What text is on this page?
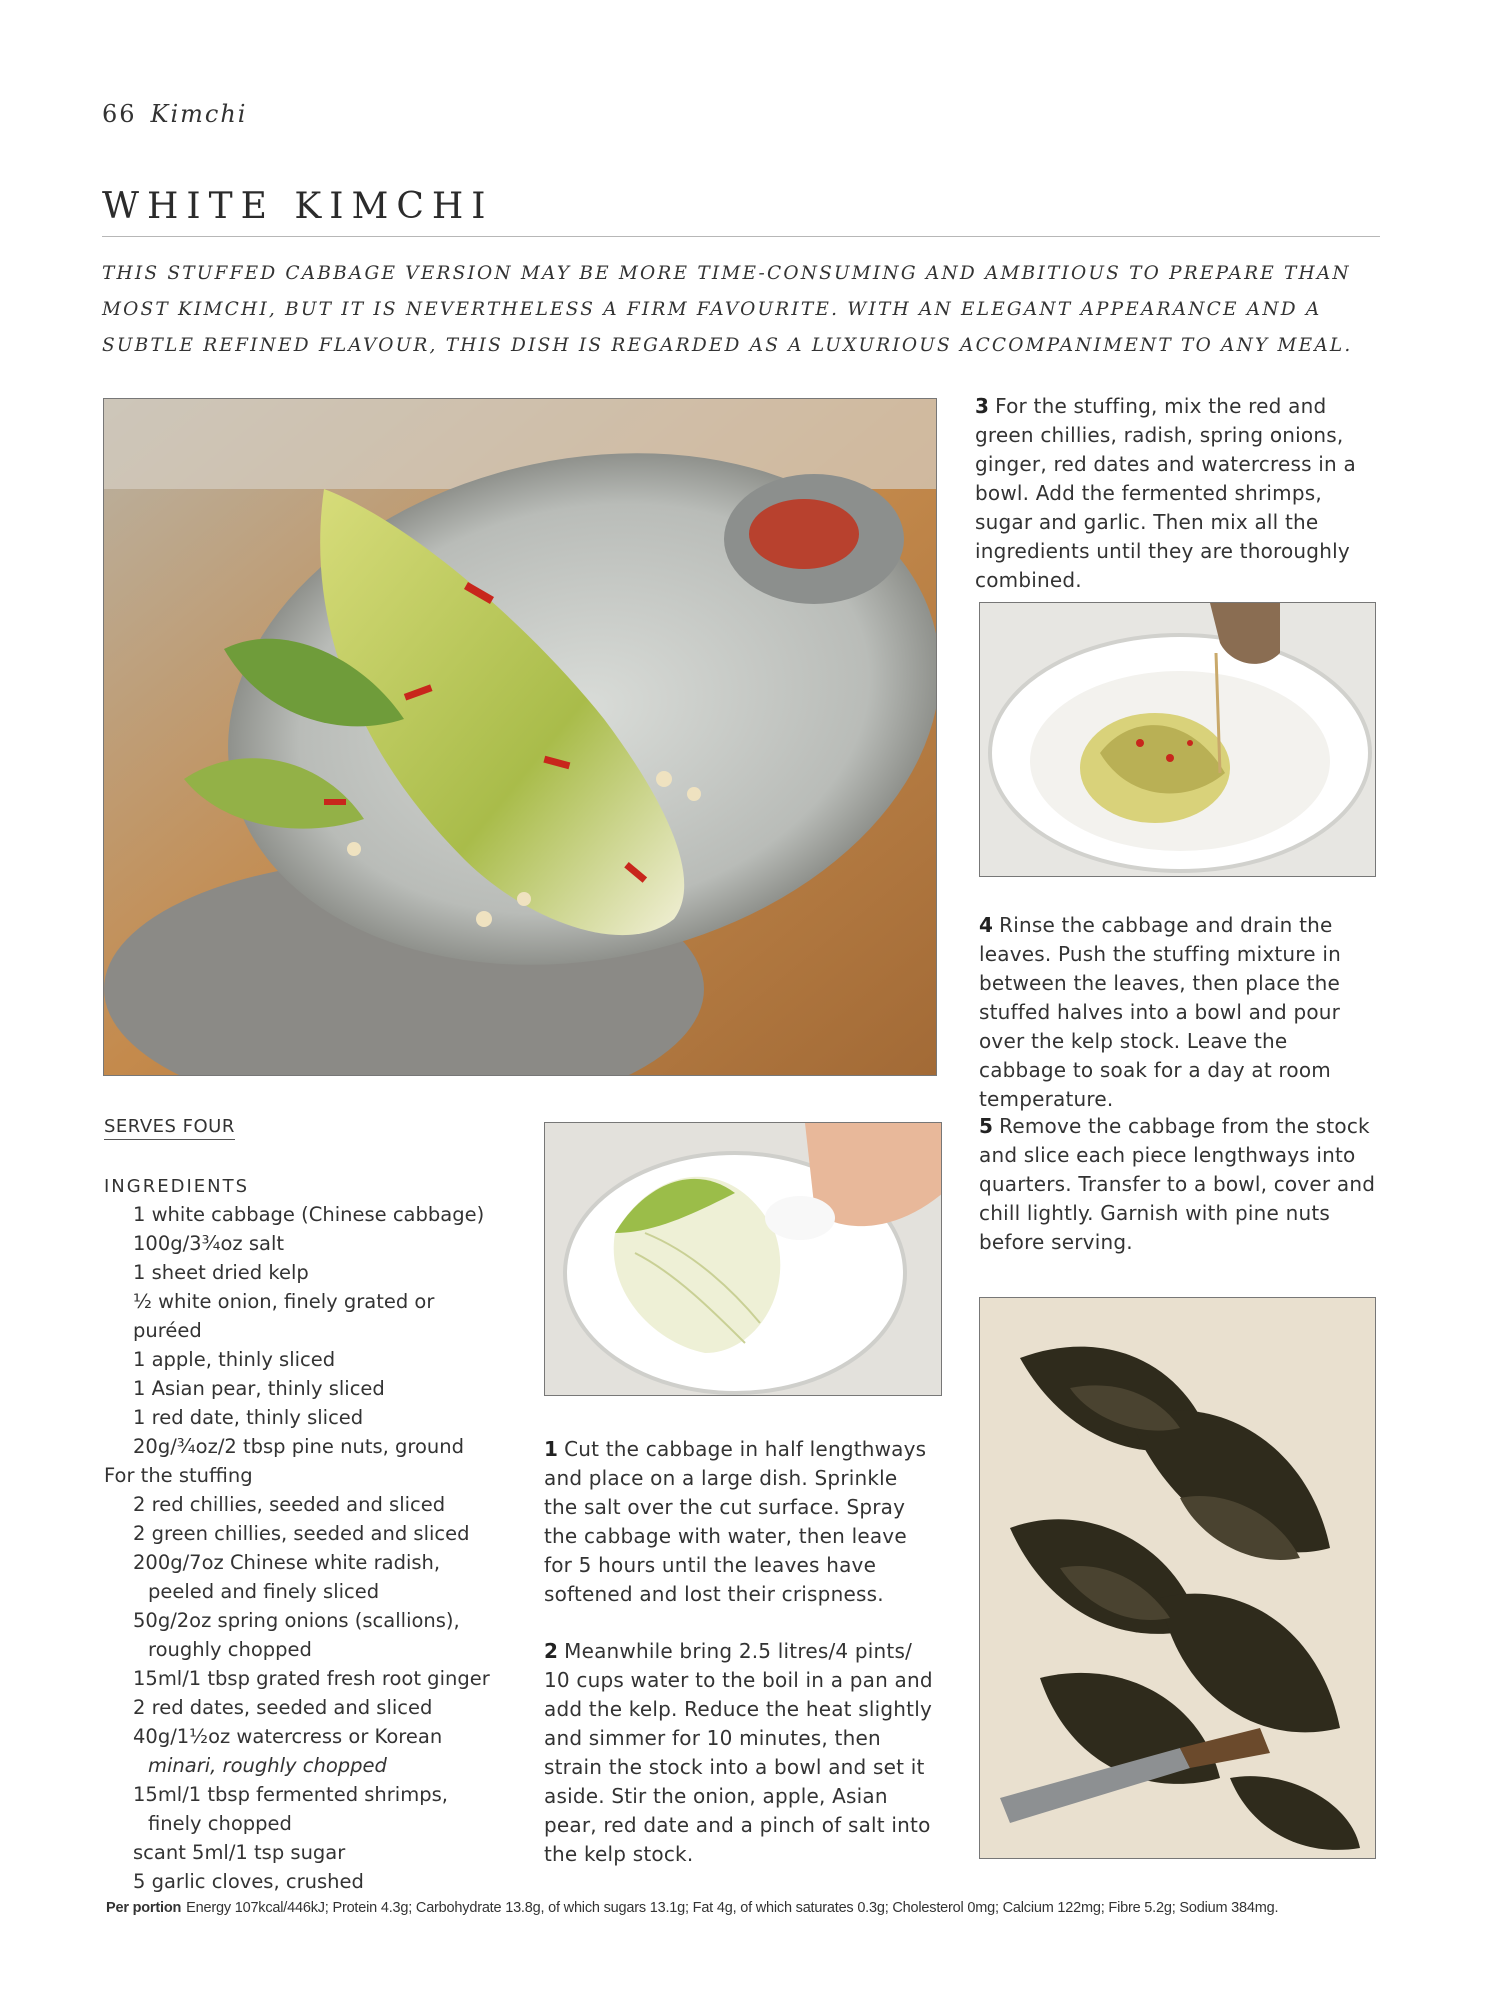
66 Kimchi
WHITE KIMCHI
THIS STUFFED CABBAGE VERSION MAY BE MORE TIME-CONSUMING AND AMBITIOUS TO PREPARE THAN MOST KIMCHI, BUT IT IS NEVERTHELESS A FIRM FAVOURITE. WITH AN ELEGANT APPEARANCE AND A SUBTLE REFINED FLAVOUR, THIS DISH IS REGARDED AS A LUXURIOUS ACCOMPANIMENT TO ANY MEAL.
3 For the stuffing, mix the red and green chillies, radish, spring onions, ginger, red dates and watercress in a bowl. Add the fermented shrimps, sugar and garlic. Then mix all the ingredients until they are thoroughly combined.
4 Rinse the cabbage and drain the leaves. Push the stuffing mixture in between the leaves, then place the stuffed halves into a bowl and pour over the kelp stock. Leave the cabbage to soak for a day at room temperature.
SERVES FOUR
INGREDIENTS
1 white cabbage (Chinese cabbage)
100g/3¾oz salt
1 sheet dried kelp
½ white onion, finely grated or puréed
1 apple, thinly sliced
1 Asian pear, thinly sliced
1 red date, thinly sliced
20g/¾oz/2 tbsp pine nuts, ground
For the stuffing
2 red chillies, seeded and sliced
2 green chillies, seeded and sliced
200g/7oz Chinese white radish,
peeled and finely sliced
50g/2oz spring onions (scallions),
roughly chopped
15ml/1 tbsp grated fresh root ginger
2 red dates, seeded and sliced
40g/1½oz watercress or Korean
minari, roughly chopped
15ml/1 tbsp fermented shrimps,
finely chopped
scant 5ml/1 tsp sugar
5 garlic cloves, crushed
1 Cut the cabbage in half lengthways and place on a large dish. Sprinkle the salt over the cut surface. Spray the cabbage with water, then leave for 5 hours until the leaves have softened and lost their crispness.
2 Meanwhile bring 2.5 litres/4 pints/ 10 cups water to the boil in a pan and add the kelp. Reduce the heat slightly and simmer for 10 minutes, then strain the stock into a bowl and set it aside. Stir the onion, apple, Asian pear, red date and a pinch of salt into the kelp stock.
5 Remove the cabbage from the stock and slice each piece lengthways into quarters. Transfer to a bowl, cover and chill lightly. Garnish with pine nuts before serving.
Per portion Energy 107kcal/446kJ; Protein 4.3g; Carbohydrate 13.8g, of which sugars 13.1g; Fat 4g, of which saturates 0.3g; Cholesterol 0mg; Calcium 122mg; Fibre 5.2g; Sodium 384mg.
